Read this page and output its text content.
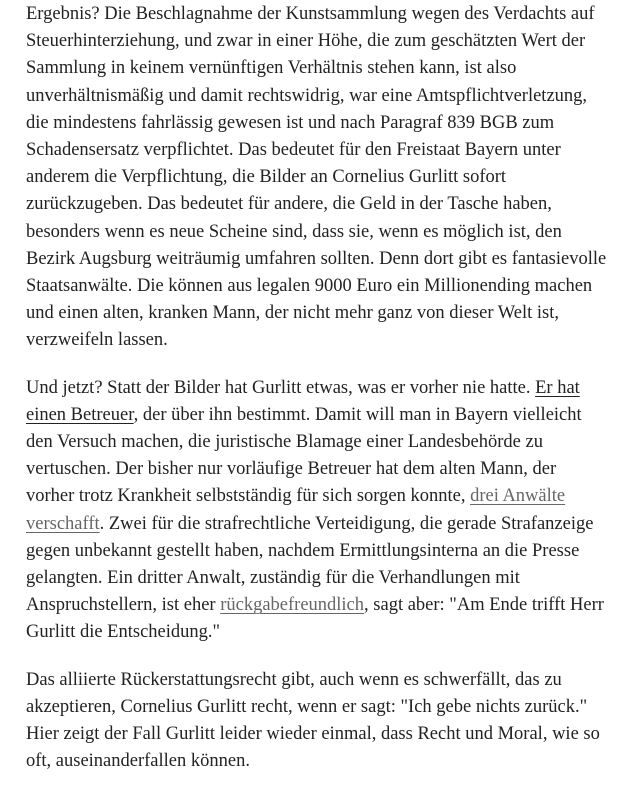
Ergebnis? Die Beschlagnahme der Kunstsammlung wegen des Verdachts auf Steuerhinterziehung, und zwar in einer Höhe, die zum geschätzten Wert der Sammlung in keinem vernünftigen Verhältnis stehen kann, ist also unverhältnismäßig und damit rechtswidrig, war eine Amtspflichtverletzung, die mindestens fahrlässig gewesen ist und nach Paragraf 839 BGB zum Schadensersatz verpflichtet. Das bedeutet für den Freistaat Bayern unter anderem die Verpflichtung, die Bilder an Cornelius Gurlitt sofort zurückzugeben. Das bedeutet für andere, die Geld in der Tasche haben, besonders wenn es neue Scheine sind, dass sie, wenn es möglich ist, den Bezirk Augsburg weiträumig umfahren sollten. Denn dort gibt es fantasievolle Staatsanwälte. Die können aus legalen 9000 Euro ein Millionending machen und einen alten, kranken Mann, der nicht mehr ganz von dieser Welt ist, verzweifeln lassen.

Und jetzt? Statt der Bilder hat Gurlitt etwas, was er vorher nie hatte. Er hat einen Betreuer, der über ihn bestimmt. Damit will man in Bayern vielleicht den Versuch machen, die juristische Blamage einer Landesbehörde zu vertuschen. Der bisher nur vorläufige Betreuer hat dem alten Mann, der vorher trotz Krankheit selbstständig für sich sorgen konnte, drei Anwälte verschafft. Zwei für die strafrechtliche Verteidigung, die gerade Strafanzeige gegen unbekannt gestellt haben, nachdem Ermittlungsinterna an die Presse gelangten. Ein dritter Anwalt, zuständig für die Verhandlungen mit Anspruchstellern, ist eher rückgabefreundlich, sagt aber: "Am Ende trifft Herr Gurlitt die Entscheidung."

Das alliierte Rückerstattungsrecht gibt, auch wenn es schwerfällt, das zu akzeptieren, Cornelius Gurlitt recht, wenn er sagt: "Ich gebe nichts zurück." Hier zeigt der Fall Gurlitt leider wieder einmal, dass Recht und Moral, wie so oft, auseinanderfallen können.
